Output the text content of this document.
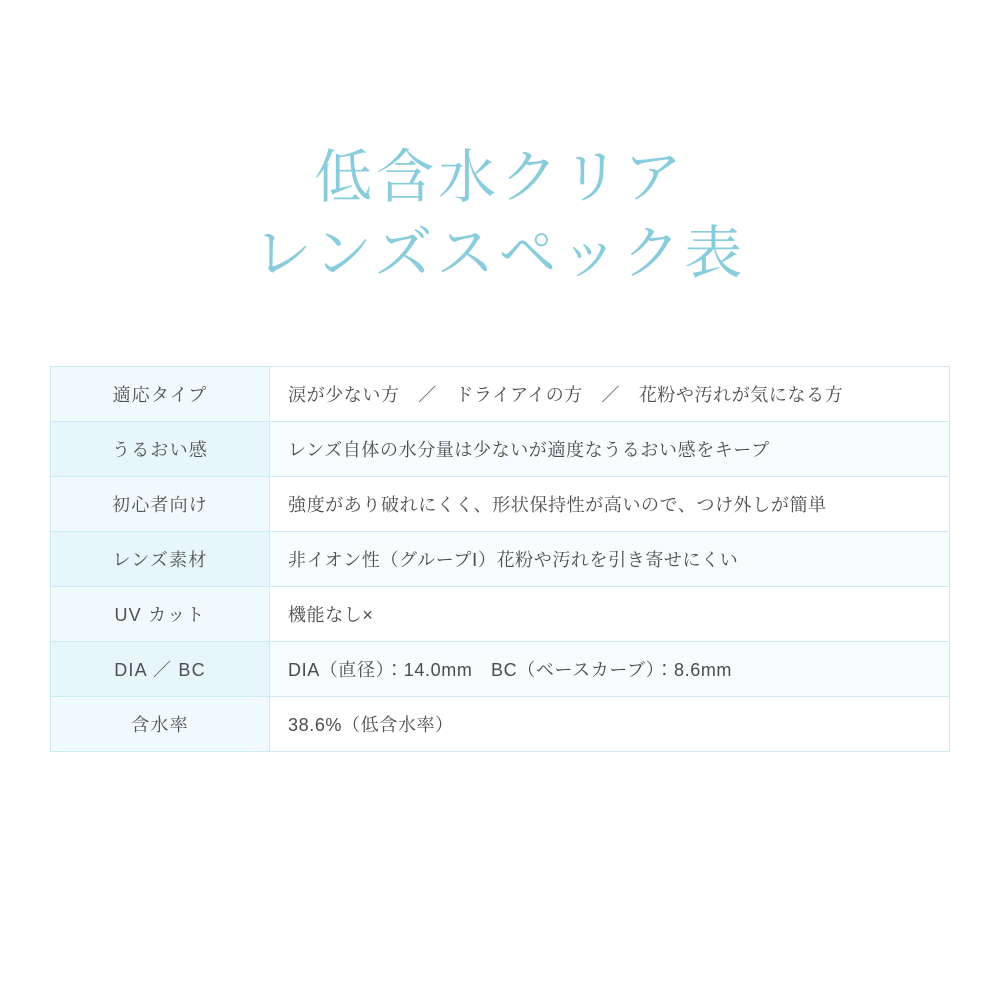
低含水クリア
レンズスペック表
適応タイプ	涙が少ない方　／　ドライアイの方　／　花粉や汚れが気になる方
うるおい感	レンズ自体の水分量は少ないが適度なうるおい感をキープ
初心者向け	強度があり破れにくく、形状保持性が高いので、つけ外しが簡単
レンズ素材	非イオン性（グループⅠ）花粉や汚れを引き寄せにくい
UV カット	機能なし×
DIA ／ BC	DIA（直径）：14.0mm　BC（ベースカーブ）：8.6mm
含水率	38.6%（低含水率）
